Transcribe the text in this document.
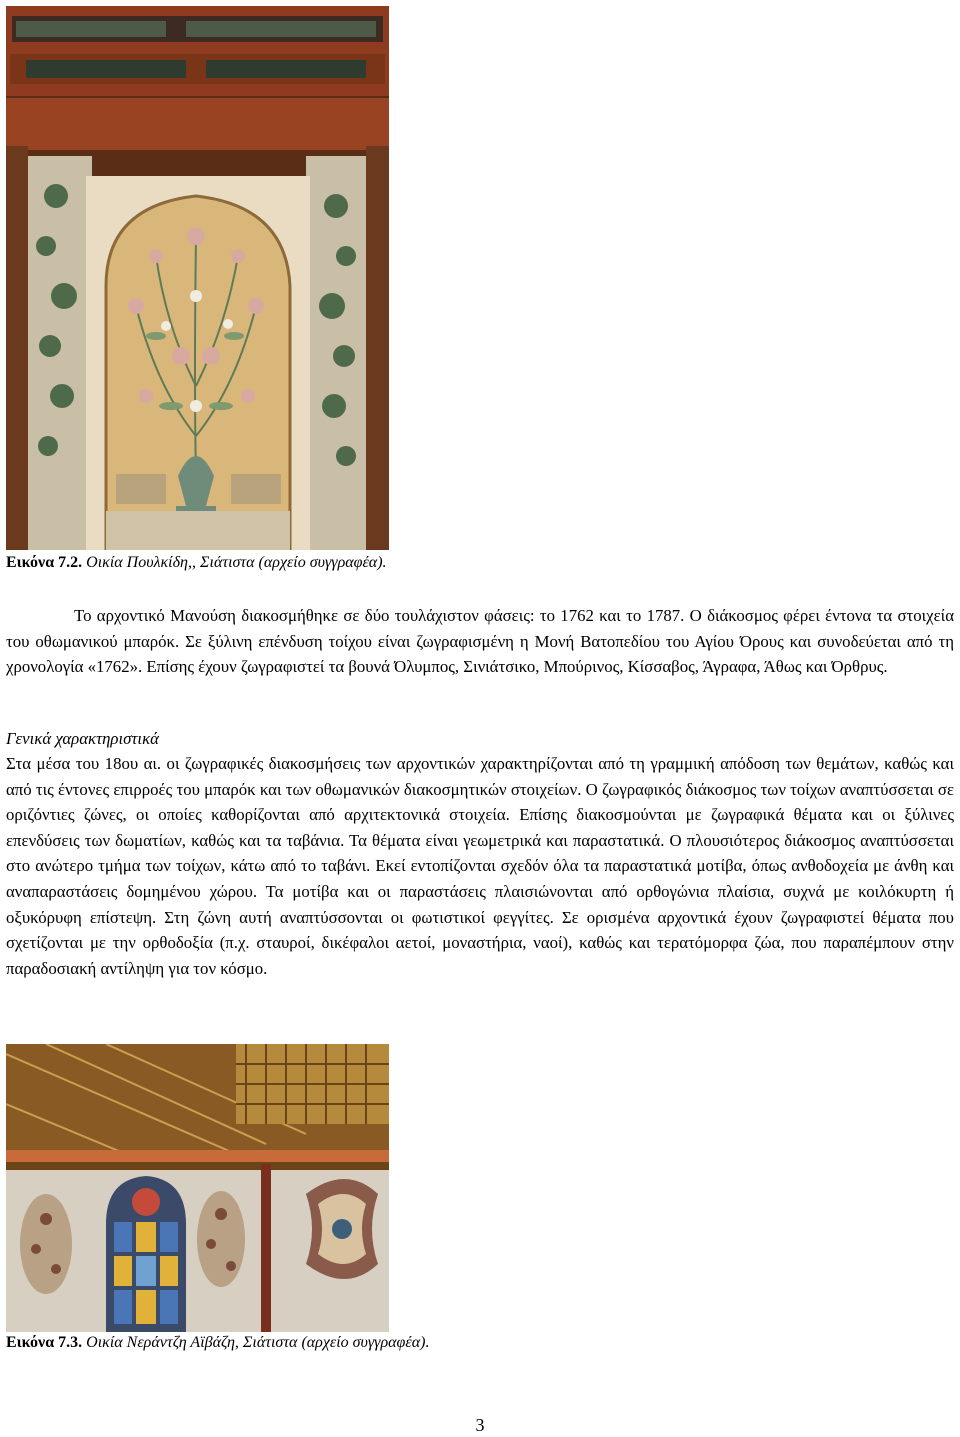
Εικόνα 7.2. Οικία Πουλκίδη,, Σιάτιστα (αρχείο συγγραφέα).

Το αρχοντικό Μανούση διακοσμήθηκε σε δύο τουλάχιστον φάσεις: το 1762 και το 1787. Ο διάκοσμος φέρει έντονα τα στοιχεία του οθωμανικού μπαρόκ. Σε ξύλινη επένδυση τοίχου είναι ζωγραφισμένη η Μονή Βατοπεδίου του Αγίου Όρους και συνοδεύεται από τη χρονολογία «1762». Επίσης έχουν ζωγραφιστεί τα βουνά Όλυμπος, Σινιάτσικο, Μπούρινος, Κίσσαβος, Άγραφα, Άθως και Όρθρυς.

Γενικά χαρακτηριστικά

Στα μέσα του 18ου αι. οι ζωγραφικές διακοσμήσεις των αρχοντικών χαρακτηρίζονται από τη γραμμική απόδοση των θεμάτων, καθώς και από τις έντονες επιρροές του μπαρόκ και των οθωμανικών διακοσμητικών στοιχείων. Ο ζωγραφικός διάκοσμος των τοίχων αναπτύσσεται σε οριζόντιες ζώνες, οι οποίες καθορίζονται από αρχιτεκτονικά στοιχεία. Επίσης διακοσμούνται με ζωγραφικά θέματα και οι ξύλινες επενδύσεις των δωματίων, καθώς και τα ταβάνια. Τα θέματα είναι γεωμετρικά και παραστατικά. Ο πλουσιότερος διάκοσμος αναπτύσσεται στο ανώτερο τμήμα των τοίχων, κάτω από το ταβάνι. Εκεί εντοπίζονται σχεδόν όλα τα παραστατικά μοτίβα, όπως ανθοδοχεία με άνθη και αναπαραστάσεις δομημένου χώρου. Τα μοτίβα και οι παραστάσεις πλαισιώνονται από ορθογώνια πλαίσια, συχνά με κοιλόκυρτη ή οξυκόρυφη επίστεψη. Στη ζώνη αυτή αναπτύσσονται οι φωτιστικοί φεγγίτες. Σε ορισμένα αρχοντικά έχουν ζωγραφιστεί θέματα που σχετίζονται με την ορθοδοξία (π.χ. σταυροί, δικέφαλοι αετοί, μοναστήρια, ναοί), καθώς και τερατόμορφα ζώα, που παραπέμπουν στην παραδοσιακή αντίληψη για τον κόσμο.

Εικόνα 7.3. Οικία Νεράντζη Αϊβάζη, Σιάτιστα (αρχείο συγγραφέα).
3
